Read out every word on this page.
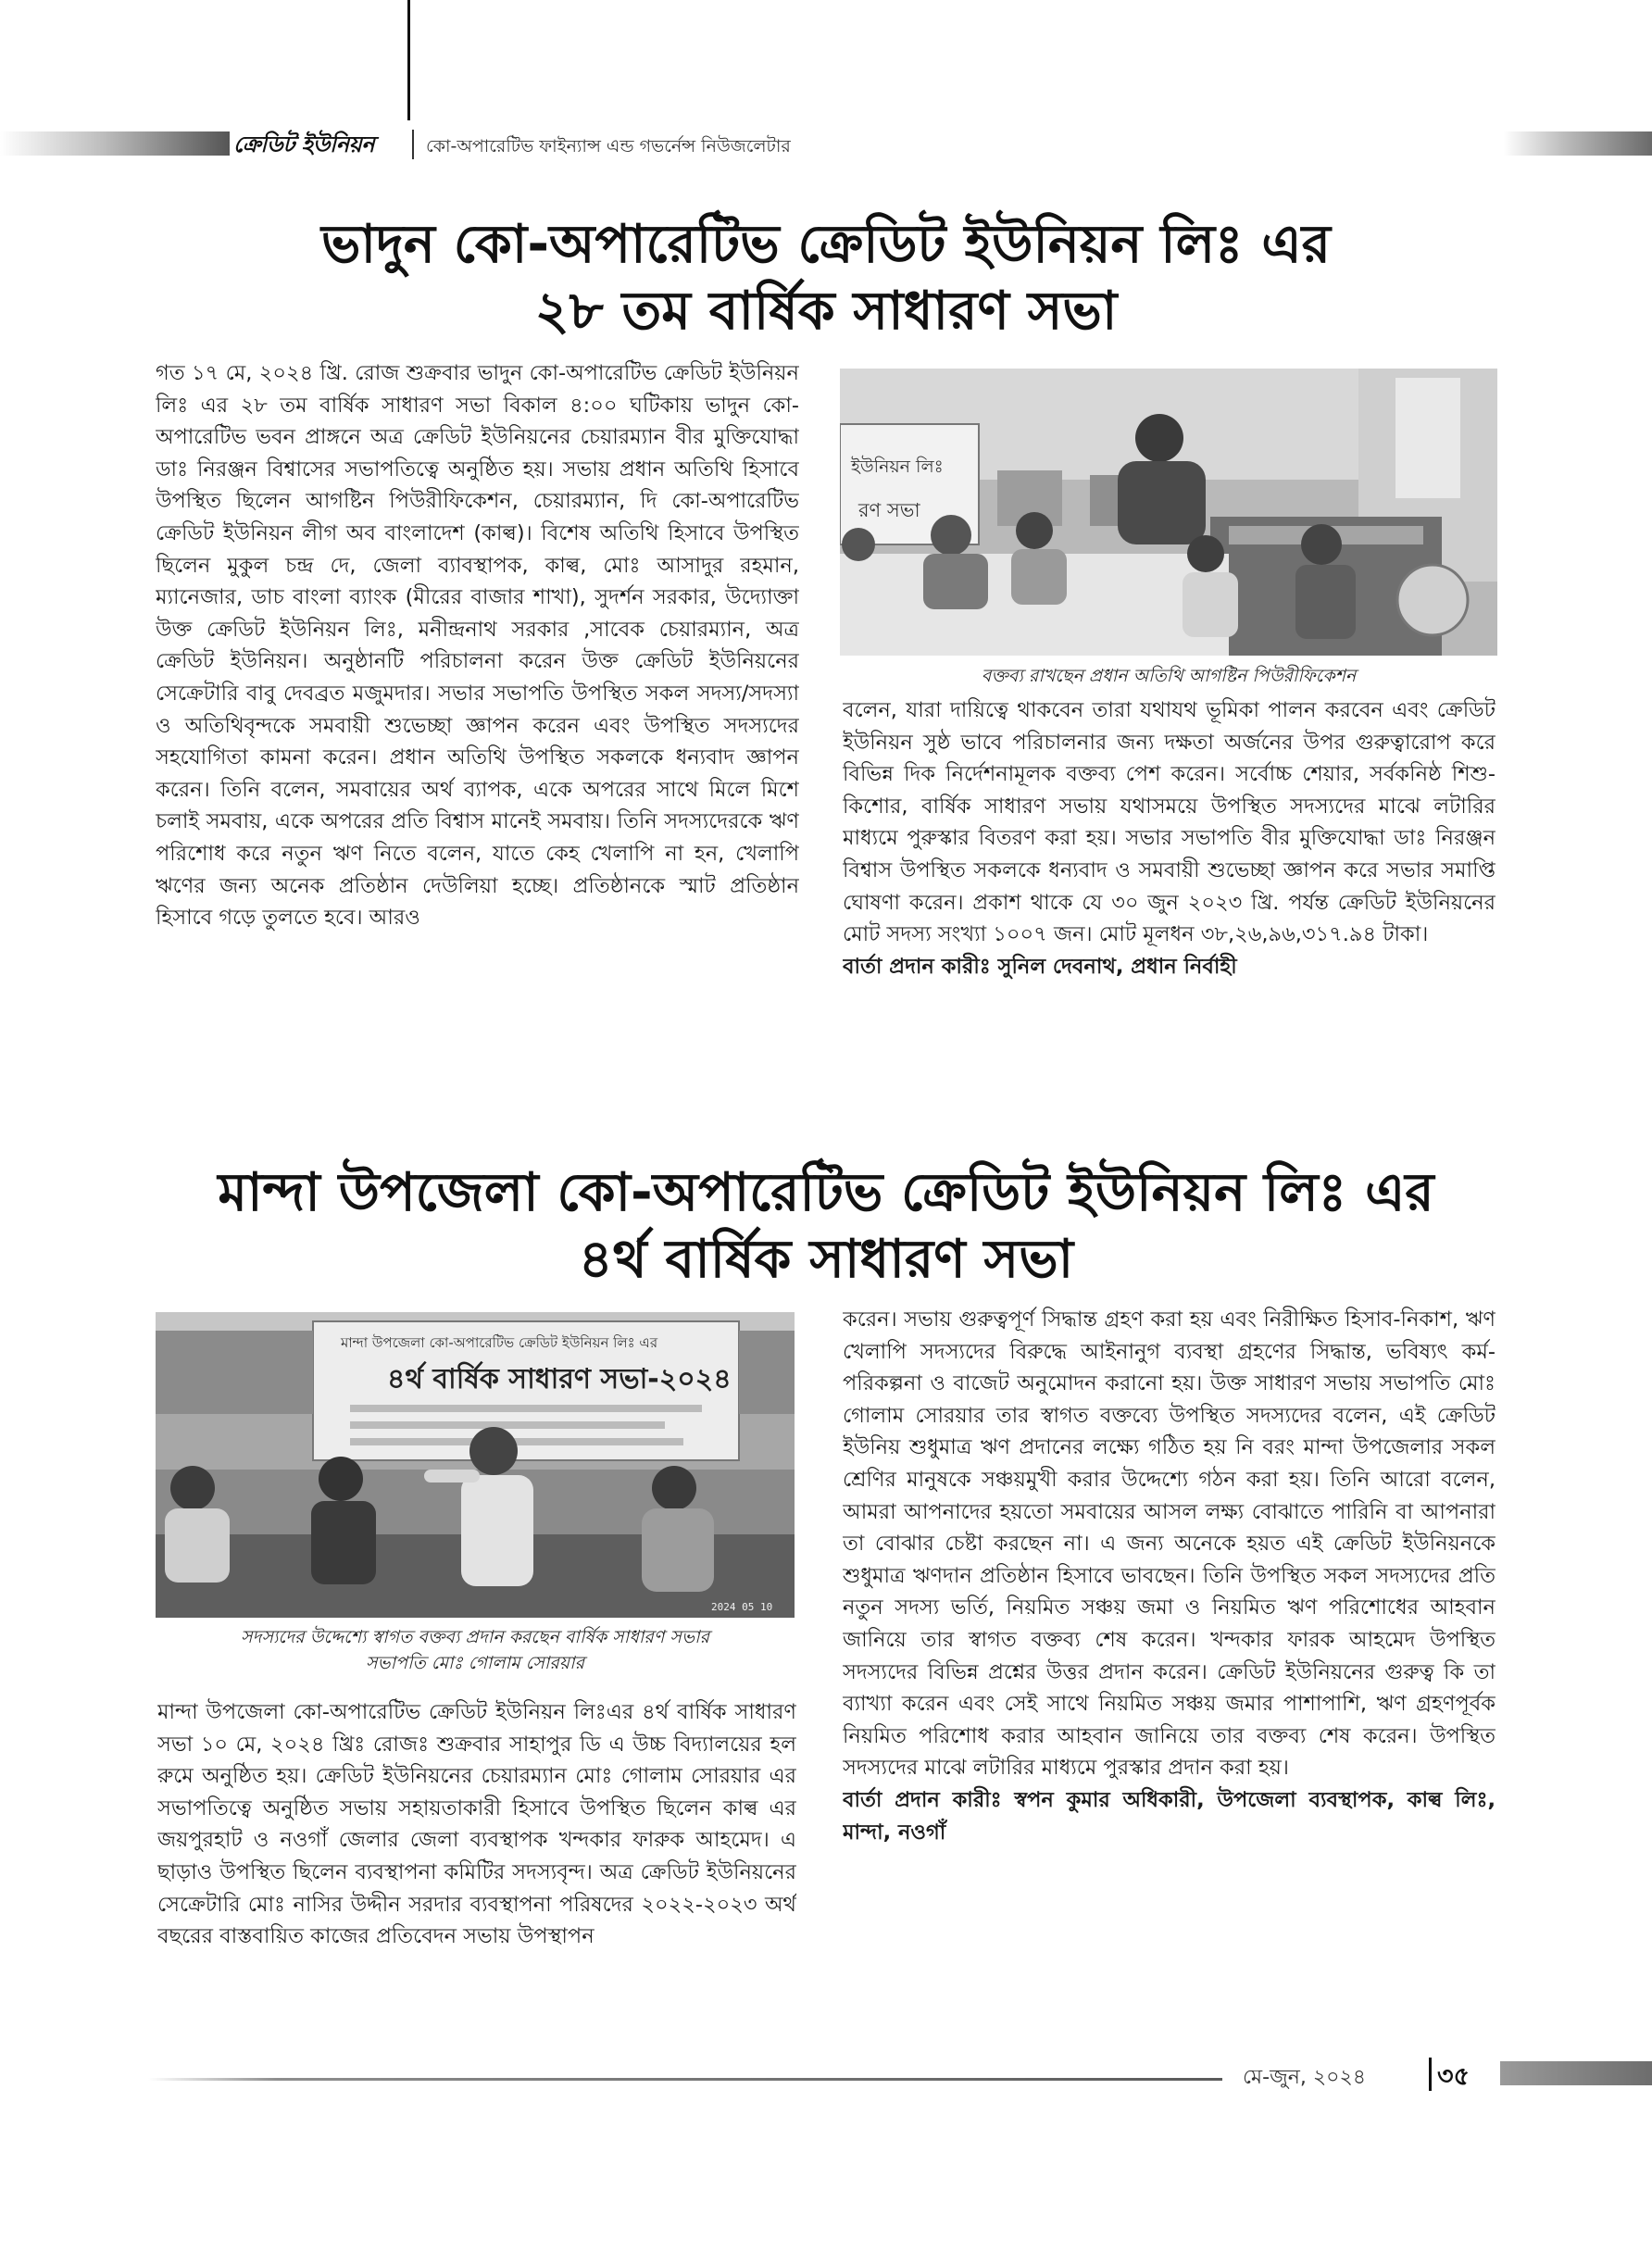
ক্রেডিট ইউনিয়ন	কো-অপারেটিভ ফাইন্যান্স এন্ড গভর্নেন্স নিউজলেটার
ভাদুন কো-অপারেটিভ ক্রেডিট ইউনিয়ন লিঃ এর
২৮ তম বার্ষিক সাধারণ সভা

গত ১৭ মে, ২০২৪ খ্রি. রোজ শুক্রবার ভাদুন কো-অপারেটিভ ক্রেডিট ইউনিয়ন লিঃ এর ২৮ তম বার্ষিক সাধারণ সভা বিকাল ৪:০০ ঘটিকায় ভাদুন কো-অপারেটিভ ভবন প্রাঙ্গনে অত্র ক্রেডিট ইউনিয়নের চেয়ারম্যান বীর মুক্তিযোদ্ধা ডাঃ নিরঞ্জন বিশ্বাসের সভাপতিত্বে অনুষ্ঠিত হয়। সভায় প্রধান অতিথি হিসাবে উপস্থিত ছিলেন আগষ্টিন পিউরীফিকেশন, চেয়ারম্যান, দি কো-অপারেটিভ ক্রেডিট ইউনিয়ন লীগ অব বাংলাদেশ (কাল্ব)। বিশেষ অতিথি হিসাবে উপস্থিত ছিলেন মুকুল চন্দ্র দে, জেলা ব্যাবস্থাপক, কাল্ব, মোঃ আসাদুর রহমান, ম্যানেজার, ডাচ বাংলা ব্যাংক (মীরের বাজার শাখা), সুদর্শন সরকার, উদ্যোক্তা উক্ত ক্রেডিট ইউনিয়ন লিঃ, মনীন্দ্রনাথ সরকার ,সাবেক চেয়ারম্যান, অত্র ক্রেডিট ইউনিয়ন। অনুষ্ঠানটি পরিচালনা করেন উক্ত ক্রেডিট ইউনিয়নের সেক্রেটারি বাবু দেবব্রত মজুমদার। সভার সভাপতি উপস্থিত সকল সদস্য/সদস্যা ও অতিথিবৃন্দকে সমবায়ী শুভেচ্ছা জ্ঞাপন করেন এবং উপস্থিত সদস্যদের সহযোগিতা কামনা করেন। প্রধান অতিথি উপস্থিত সকলকে ধন্যবাদ জ্ঞাপন করেন। তিনি বলেন, সমবায়ের অর্থ ব্যাপক, একে অপরের সাথে মিলে মিশে চলাই সমবায়, একে অপরের প্রতি বিশ্বাস মানেই সমবায়। তিনি সদস্যদেরকে ঋণ পরিশোধ করে নতুন ঋণ নিতে বলেন, যাতে কেহ খেলাপি না হন, খেলাপি ঋণের জন্য অনেক প্রতিষ্ঠান দেউলিয়া হচ্ছে। প্রতিষ্ঠানকে স্মাট প্রতিষ্ঠান হিসাবে গড়ে তুলতে হবে। আরও

ইউনিয়ন লিঃ
রণ সভা
বক্তব্য রাখছেন প্রধান অতিথি আগষ্টিন পিউরীফিকেশন

বলেন, যারা দায়িত্বে থাকবেন তারা যথাযথ ভূমিকা পালন করবেন এবং ক্রেডিট ইউনিয়ন সুষ্ঠ ভাবে পরিচালনার জন্য দক্ষতা অর্জনের উপর গুরুত্বারোপ করে বিভিন্ন দিক নির্দেশনামূলক বক্তব্য পেশ করেন। সর্বোচ্চ শেয়ার, সর্বকনিষ্ঠ শিশু-কিশোর, বার্ষিক সাধারণ সভায় যথাসময়ে উপস্থিত সদস্যদের মাঝে লটারির মাধ্যমে পুরুস্কার বিতরণ করা হয়। সভার সভাপতি বীর মুক্তিযোদ্ধা ডাঃ নিরঞ্জন বিশ্বাস উপস্থিত সকলকে ধন্যবাদ ও সমবায়ী শুভেচ্ছা জ্ঞাপন করে সভার সমাপ্তি ঘোষণা করেন। প্রকাশ থাকে যে ৩০ জুন ২০২৩ খ্রি. পর্যন্ত ক্রেডিট ইউনিয়নের মোট সদস্য সংখ্যা ১০০৭ জন। মোট মূলধন ৩৮,২৬,৯৬,৩১৭.৯৪ টাকা।

বার্তা প্রদান কারীঃ সুনিল দেবনাথ, প্রধান নির্বাহী

মান্দা উপজেলা কো-অপারেটিভ ক্রেডিট ইউনিয়ন লিঃ এর
৪র্থ বার্ষিক সাধারণ সভা
মান্দা উপজেলা কো-অপারেটিভ ক্রেডিট ইউনিয়ন লিঃ এর
৪র্থ বার্ষিক সাধারণ সভা-২০২৪
2024 05 10
সদস্যদের উদ্দেশ্যে স্বাগত বক্তব্য প্রদান করছেন বার্ষিক সাধারণ সভার
সভাপতি মোঃ গোলাম সোরয়ার

মান্দা উপজেলা কো-অপারেটিভ ক্রেডিট ইউনিয়ন লিঃএর ৪র্থ বার্ষিক সাধারণ সভা ১০ মে, ২০২৪ খ্রিঃ রোজঃ শুক্রবার সাহাপুর ডি এ উচ্চ বিদ্যালয়ের হল রুমে অনুষ্ঠিত হয়। ক্রেডিট ইউনিয়নের চেয়ারম্যান মোঃ গোলাম সোরয়ার এর সভাপতিত্বে অনুষ্ঠিত সভায় সহায়তাকারী হিসাবে উপস্থিত ছিলেন কাল্ব এর জয়পুরহাট ও নওগাঁ জেলার জেলা ব্যবস্থাপক খন্দকার ফারুক আহমেদ। এ ছাড়াও উপস্থিত ছিলেন ব্যবস্থাপনা কমিটির সদস্যবৃন্দ। অত্র ক্রেডিট ইউনিয়নের সেক্রেটারি মোঃ নাসির উদ্দীন সরদার ব্যবস্থাপনা পরিষদের ২০২২-২০২৩ অর্থ বছরের বাস্তবায়িত কাজের প্রতিবেদন সভায় উপস্থাপন

করেন। সভায় গুরুত্বপূর্ণ সিদ্ধান্ত গ্রহণ করা হয় এবং নিরীক্ষিত হিসাব-নিকাশ, ঋণ খেলাপি সদস্যদের বিরুদ্ধে আইনানুগ ব্যবস্থা গ্রহণের সিদ্ধান্ত, ভবিষ্যৎ কর্ম-পরিকল্পনা ও বাজেট অনুমোদন করানো হয়। উক্ত সাধারণ সভায় সভাপতি মোঃ গোলাম সোরয়ার তার স্বাগত বক্তব্যে উপস্থিত সদস্যদের বলেন, এই ক্রেডিট ইউনিয় শুধুমাত্র ঋণ প্রদানের লক্ষ্যে গঠিত হয় নি বরং মান্দা উপজেলার সকল শ্রেণির মানুষকে সঞ্চয়মুখী করার উদ্দেশ্যে গঠন করা হয়। তিনি আরো বলেন, আমরা আপনাদের হয়তো সমবায়ের আসল লক্ষ্য বোঝাতে পারিনি বা আপনারা তা বোঝার চেষ্টা করছেন না। এ জন্য অনেকে হয়ত এই ক্রেডিট ইউনিয়নকে শুধুমাত্র ঋণদান প্রতিষ্ঠান হিসাবে ভাবছেন। তিনি উপস্থিত সকল সদস্যদের প্রতি নতুন সদস্য ভর্তি, নিয়মিত সঞ্চয় জমা ও নিয়মিত ঋণ পরিশোধের আহবান জানিয়ে তার স্বাগত বক্তব্য শেষ করেন। খন্দকার ফারক আহমেদ উপস্থিত সদস্যদের বিভিন্ন প্রশ্নের উত্তর প্রদান করেন। ক্রেডিট ইউনিয়নের গুরুত্ব কি তা ব্যাখ্যা করেন এবং সেই সাথে নিয়মিত সঞ্চয় জমার পাশাপাশি, ঋণ গ্রহণপূর্বক নিয়মিত পরিশোধ করার আহবান জানিয়ে তার বক্তব্য শেষ করেন। উপস্থিত সদস্যদের মাঝে লটারির মাধ্যমে পুরস্কার প্রদান করা হয়।

বার্তা প্রদান কারীঃ স্বপন কুমার অধিকারী, উপজেলা ব্যবস্থাপক, কাল্ব লিঃ, মান্দা, নওগাঁ

মে-জুন, ২০২৪	৩৫
